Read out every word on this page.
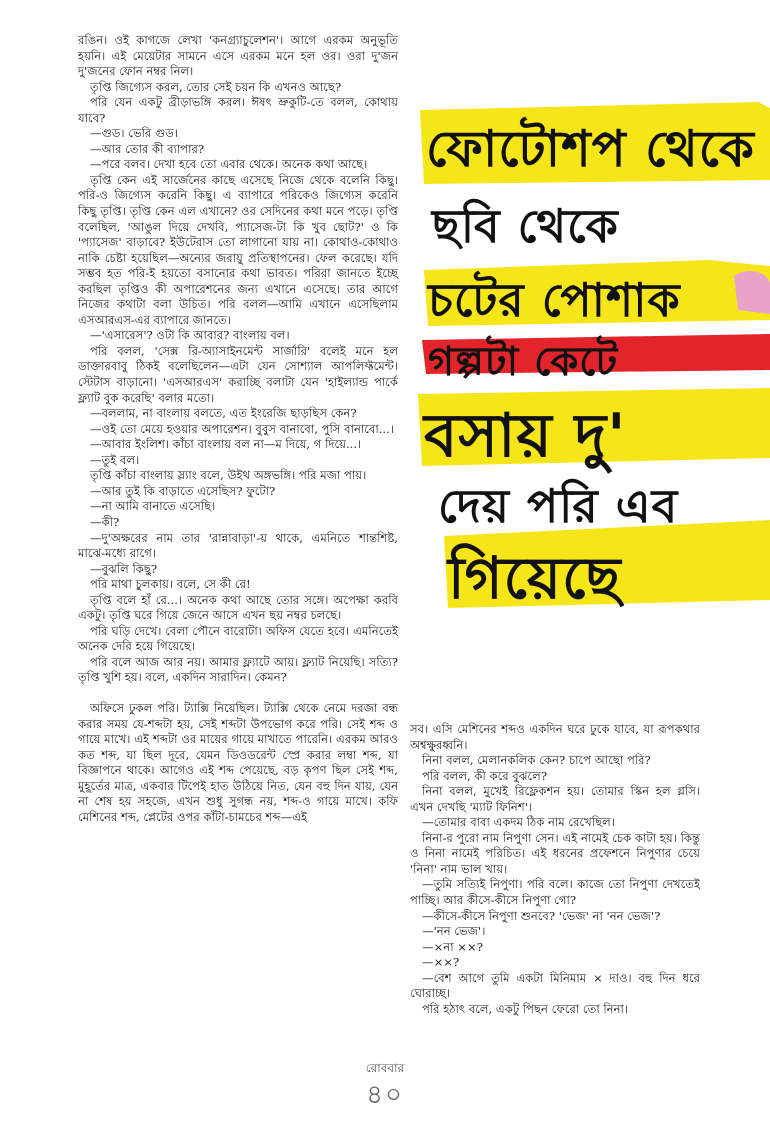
রঙিন। ওই কাগজে লেখা 'কনগ্র্যাচুলেশন'। আগে এরকম অনুভূতি হয়নি। এই মেয়েটার সামনে এসে এরকম মনে হল ওর। ওরা দু'জন দু'জনের ফোন নম্বর নিল।

তৃপ্তি জিগ্যেস করল, তোর সেই চয়ন কি এখনও আছে?

পরি যেন একটু ব্রীড়াভঙ্গি করল। ঈষৎ ভ্রুকুটি-তে বলল, কোথায় যাবে?

—গুড। ভেরি গুড।

—আর তোর কী ব্যাপার?

—পরে বলব। দেখা হবে তো এবার থেকে। অনেক কথা আছে।

তৃপ্তি কেন এই সার্জেনের কাছে এসেছে নিজে থেকে বলেনি কিছু। পরি-ও জিগ্যেস করেনি কিছু। এ ব্যাপারে পরিকেও জিগ্যেস করেনি কিছু তৃপ্তি। তৃপ্তি কেন এল এখানে? ওর সেদিনের কথা মনে পড়ে। তৃপ্তি বলেছিল, 'আঙুল দিয়ে দেখবি, প্যাসেজ-টা কি খুব ছোট?' ও কি 'প্যাসেজ' বাড়াবে? ইউটেরাস তো লাগানো যায় না। কোথাও-কোথাও নাকি চেষ্টা হয়েছিল—অন্যের জরায়ু প্রতিস্থাপনের। ফেল করেছে। যদি সম্ভব হত পরি-ই হয়তো বসানোর কথা ভাবত। পরিরা জানতে ইচ্ছে করছিল তৃপ্তিও কী অপারেশনের জন্য এখানে এসেছে। তার আগে নিজের কথাটা বলা উচিত। পরি বলল—আমি এখানে এসেছিলাম এসআরএস-এর ব্যাপারে জানতে।

—'এসারেস'? ওটা কি আবার? বাংলায় বল।

পরি বলল, 'সেক্স রি-অ্যাসাইনমেন্ট সার্জারি' বলেই মনে হল ডাক্তারবাবু ঠিকই বলেছিলেন—এটা যেন সোশ্যাল আপলিফ্টমেন্ট। স্টেটাস বাড়ানো। 'এসআরএস' করাচ্ছি বলাটা যেন 'হাইল্যান্ড পার্কে ফ্ল্যাট বুক করেছি' বলার মতো।

—বললাম, না বাংলায় বলতে, এত ইংরেজি ছাড়ছিস কেন?

—ওই তো মেয়ে হওয়ার অপারেশন। বুবুস বানাবো, পুসি বানাবো...।

—আবার ইংলিশ। কাঁচা বাংলায় বল না—ম দিয়ে, গ দিয়ে...।

—তুই বল।

তৃপ্তি কাঁচা বাংলায় স্ল্যাং বলে, উইথ অঙ্গভঙ্গি। পরি মজা পায়।

—আর তুই কি বাড়াতে এসেছিস? ফুটো?

—না আমি বানাতে এসেছি।

—কী?

—দু'অক্ষরের নাম তার 'রান্নাবাড়া'-য় থাকে, এমনিতে শান্তশিষ্ট, মাঝে-মধ্যে রাগে।

—বুঝলি কিছু?

পরি মাথা চুলকায়। বলে, সে কী রে!

তৃপ্তি বলে হাঁ রে...। অনেক কথা আছে তোর সঙ্গে। অপেক্ষা করবি একটু। তৃপ্তি ঘরে গিয়ে জেনে আসে এখন ছয় নম্বর চলছে।

পরি ঘড়ি দেখে। বেলা পৌনে বারোটা। অফিস যেতে হবে। এমনিতেই অনেক দেরি হয়ে গিয়েছে।

পরি বলে আজ আর নয়। আমার ফ্ল্যাটে আয়। ফ্ল্যাট নিয়েছি। সত্যি? তৃপ্তি খুশি হয়। বলে, একদিন সারাদিন। কেমন?

অফিসে ঢুকল পরি। ট্যাক্সি নিয়েছিল। ট্যাক্সি থেকে নেমে দরজা বন্ধ করার সময় যে-শব্দটা হয়, সেই শব্দটা উপভোগ করে পরি। সেই শব্দ ও গায়ে মাখে। এই শব্দটা ওর মায়ের গায়ে মাখাতে পারেনি। এরকম আরও কত শব্দ, যা ছিল দূরে, যেমন ডিওডরেন্ট স্প্রে করার লম্বা শব্দ, যা বিজ্ঞাপনে থাকে। আগেও এই শব্দ পেয়েছে, বড় কৃপণ ছিল সেই শব্দ, মুহূর্তের মাত্র, একবার টিপেই হাত উঠিয়ে নিত, যেন বহু দিন যায়, যেন না শেষ হয় সহজে, এখন শুধু সুগন্ধ নয়, শব্দ-ও গায়ে মাখে। কফি মেশিনের শব্দ, প্লেটের ওপর কাঁটা-চামচের শব্দ—এই

সব। এসি মেশিনের শব্দও একদিন ঘরে ঢুকে যাবে, যা রূপকথার অশ্বক্ষুরধ্বনি।

নিনা বলল, মেলানকলিক কেন? চাপে আছো পরি?

পরি বলল, কী করে বুঝলে?

নিনা বলল, মুখেই রিফ্লেকশন হয়। তোমার স্কিন হল গ্লসি। এখন দেখছি 'ম্যাট ফিনিশ'।

—তোমার বাবা একদম ঠিক নাম রেখেছিল।

নিনা-র পুরো নাম নিপুণা সেন। এই নামেই চেক কাটা হয়। কিন্তু ও নিনা নামেই পরিচিত। এই ধরনের প্রফেশনে নিপুণার চেয়ে 'নিনা' নাম ভাল খায়।

—তুমি সত্যিই নিপুণা। পরি বলে। কাজে তো নিপুণা দেখতেই পাচ্ছি। আর কীসে-কীসে নিপুণা গো?

—কীসে-কীসে নিপুণা শুনবে? 'ভেজ' না 'নন ভেজ'?

—'নন ভেজ'।

—×না ××?

—××?

—বেশ আগে তুমি একটা মিনিমাম × দাও। বহু দিন ধরে ঘোরাচ্ছ।

পরি হঠাৎ বলে, একটু পিছন ফেরো তো নিনা।

ফোটোশপ থেকে
ছবি থেকে
চটের পোশাক
গল্পটা কেটে
বসায় দু'
দেয় পরি এব
গিয়েছে
রোববার
৪০
